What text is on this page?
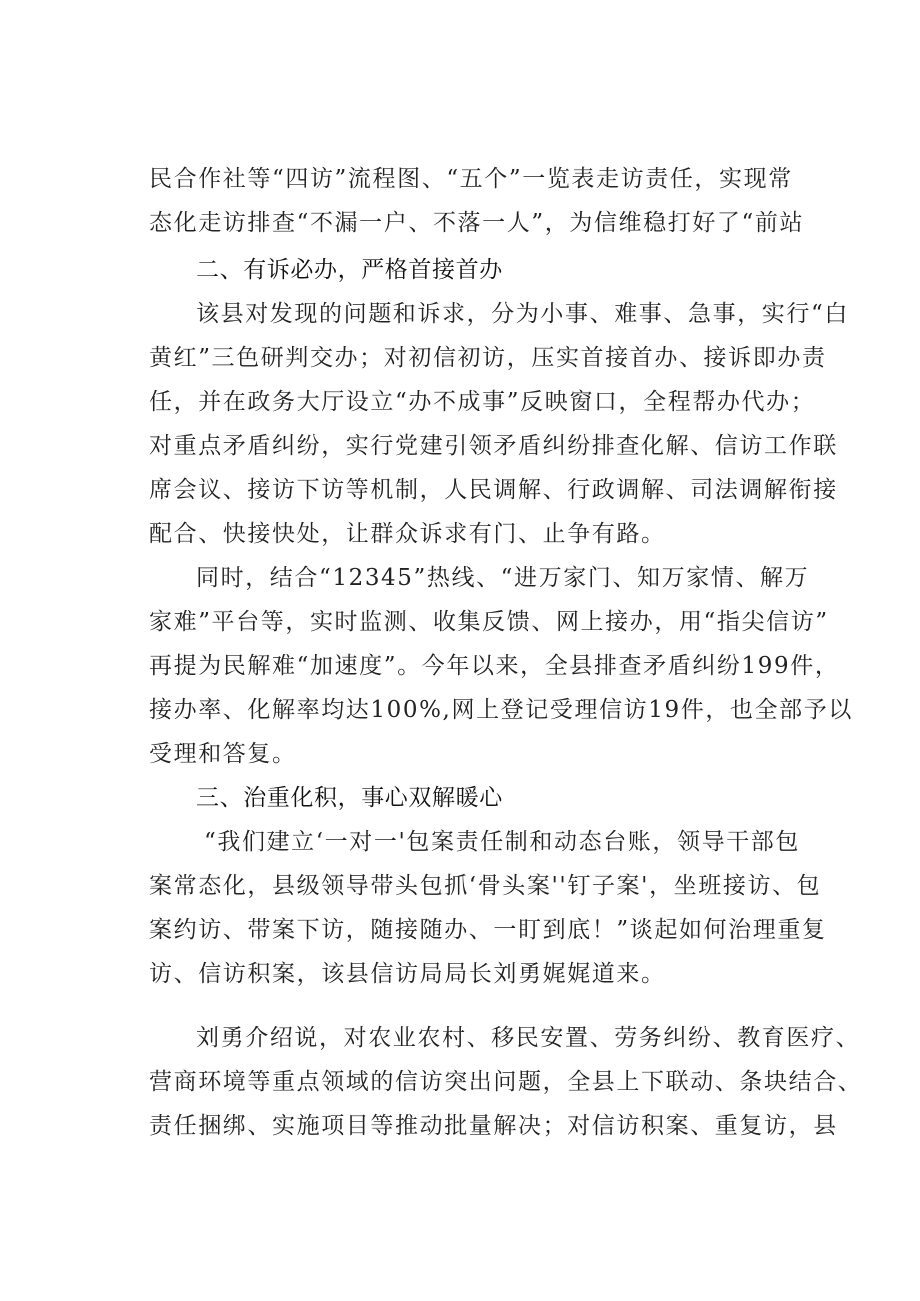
民合作社等“四访”流程图、“五个”一览表走访责任，实现常
态化走访排查“不漏一户、不落一人”，为信维稳打好了“前站
二、有诉必办，严格首接首办
该县对发现的问题和诉求，分为小事、难事、急事，实行“白
黄红”三色研判交办；对初信初访，压实首接首办、接诉即办责
任，并在政务大厅设立“办不成事”反映窗口，全程帮办代办；
对重点矛盾纠纷，实行党建引领矛盾纠纷排查化解、信访工作联
席会议、接访下访等机制，人民调解、行政调解、司法调解衔接
配合、快接快处，让群众诉求有门、止争有路。
同时，结合“12345”热线、“进万家门、知万家情、解万
家难”平台等，实时监测、收集反馈、网上接办，用“指尖信访”
再提为民解难“加速度”。今年以来，全县排查矛盾纠纷199件，
接办率、化解率均达100%,网上登记受理信访19件，也全部予以
受理和答复。
三、治重化积，事心双解暖心
“我们建立‘一对一'包案责任制和动态台账，领导干部包
案常态化，县级领导带头包抓‘骨头案''钉子案'，坐班接访、包
案约访、带案下访，随接随办、一盯到底！”谈起如何治理重复
访、信访积案，该县信访局局长刘勇娓娓道来。
刘勇介绍说，对农业农村、移民安置、劳务纠纷、教育医疗、
营商环境等重点领域的信访突出问题，全县上下联动、条块结合、
责任捆绑、实施项目等推动批量解决；对信访积案、重复访，县
